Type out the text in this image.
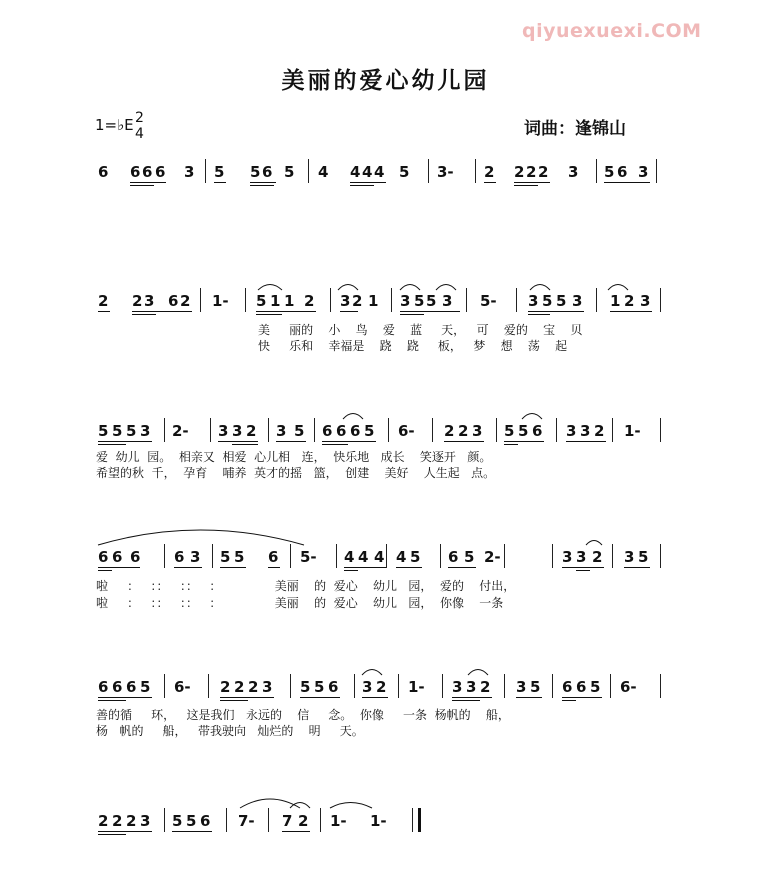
qiyuexuexi.COM
美丽的爱心幼儿园
1=♭E 2
4	词曲：逢锦山
6 6 6 6 3 5 5 6 5 4 4 4 4 5 3- 2 2 2 2 3 5 6 3
2 2 3 6 2 1- 5 1 1 2 3 2 1 3 5 5 3 5- 3 5 5 3 1 2 3
5 5 5 3 2- 3 3 2 3 5 6 6 6 5 6- 2 2 3 5 5 6 3 3 2 1-
6 6 6 6 3 5 5 6 5- 4 4 4 4 5 6 5 2-	3 3 2 3 5
6 6 6 5 6- 2 2 2 3 5 5 6 3 2 1- 3 3 2 3 5 6 6 5 6-
2 2 2 3 5 5 6 7- 7 2 1- 1-
美     丽的    小    鸟    爱    蓝     天，   可    爱的    宝    贝
快     乐和    幸福是    跷    跷     板，   梦    想    荡    起
爱  幼儿  园。  相亲又  相爱  心儿相   连，  快乐地   成长    笑逐开   颜。
希望的秋  千，  孕育    哺养  英才的摇   篮，  创建    美好    人生起   点。
啦     ：   ：：   ：：   ：              美丽    的  爱心    幼儿   园，  爱的    付出，
啦     ：   ：：   ：：   ：              美丽    的  爱心    幼儿   园，  你像    一条
善的循     环，   这是我们   永远的    信     念。  你像     一条  杨帆的    船，
杨   帆的     船，   带我驶向   灿烂的    明     天。
